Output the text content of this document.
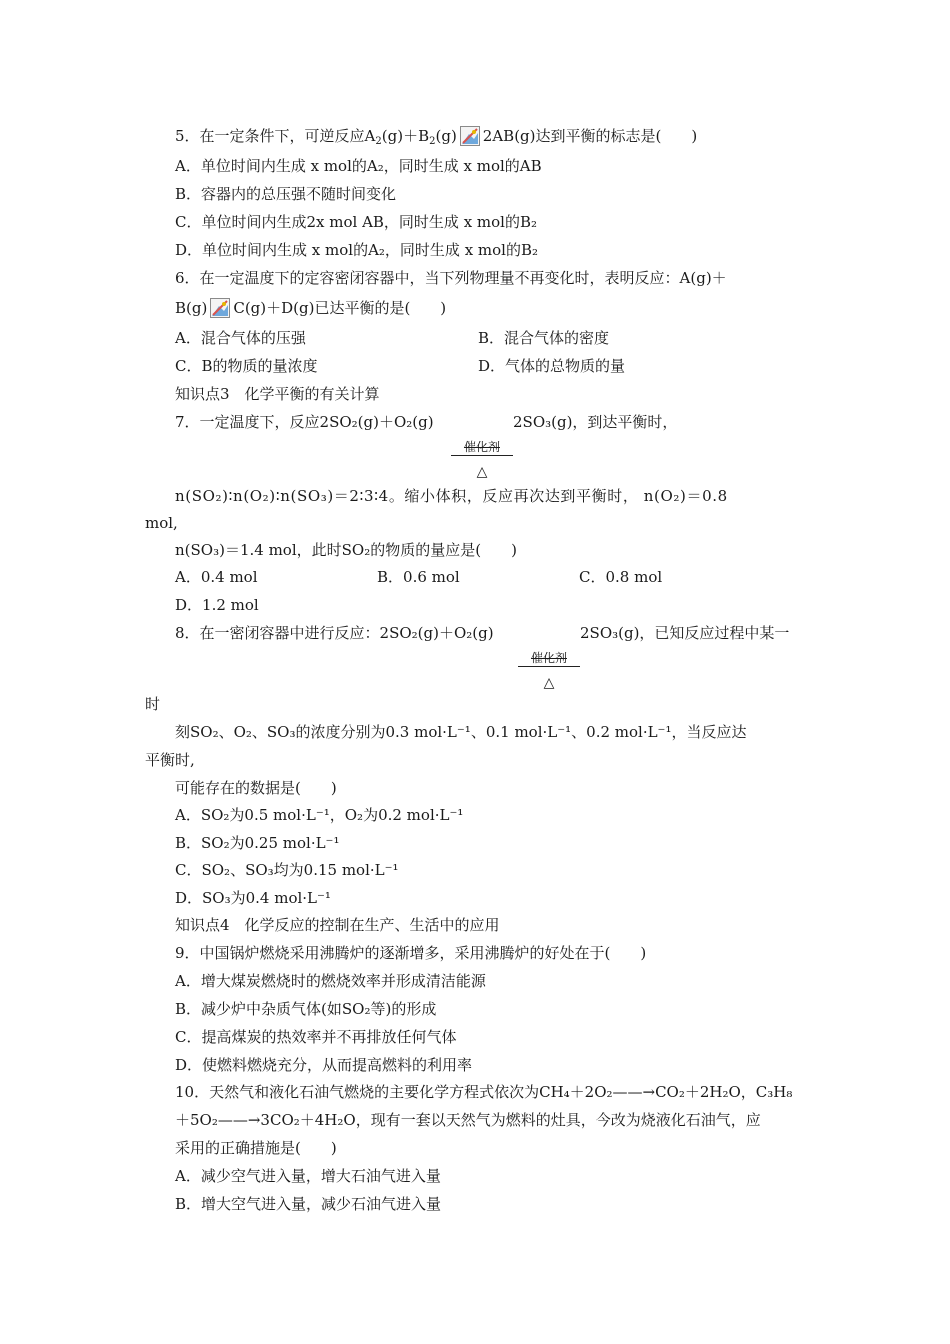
5．在一定条件下，可逆反应$A_2(g)+B_2(g)$ 2AB(g)达到平衡的标志是(　　)
A．单位时间内生成 x mol的A₂，同时生成 x mol的AB
B．容器内的总压强不随时间变化
C．单位时间内生成2x mol AB，同时生成 x mol的B₂
D．单位时间内生成 x mol的A₂，同时生成 x mol的B₂
6．在一定温度下的定容密闭容器中，当下列物理量不再变化时，表明反应：A(g)＋
B(g) C(g)＋D(g)已达平衡的是(　　)
A．混合气体的压强	B．混合气体的密度
C．B的物质的量浓度	D．气体的总物质的量
知识点3　化学平衡的有关计算
7．一定温度下，反应2SO₂(g)＋O₂(g)	2SO₃(g)，到达平衡时，
催化剂
△
n(SO₂)∶n(O₂)∶n(SO₃)＝2∶3∶4。缩小体积，反应再次达到平衡时， n(O₂)＝0.8
mol,
n(SO₃)＝1.4 mol，此时SO₂的物质的量应是(　　)
A．0.4 mol	B．0.6 mol	C．0.8 mol
D．1.2 mol
8．在一密闭容器中进行反应：2SO₂(g)＋O₂(g)	2SO₃(g)，已知反应过程中某一
催化剂
△
时
刻SO₂、O₂、SO₃的浓度分别为0.3 mol·L⁻¹、0.1 mol·L⁻¹、0.2 mol·L⁻¹，当反应达
平衡时,
可能存在的数据是(　　)
A．SO₂为0.5 mol·L⁻¹，O₂为0.2 mol·L⁻¹
B．SO₂为0.25 mol·L⁻¹
C．SO₂、SO₃均为0.15 mol·L⁻¹
D．SO₃为0.4 mol·L⁻¹
知识点4　化学反应的控制在生产、生活中的应用
9．中国锅炉燃烧采用沸腾炉的逐渐增多，采用沸腾炉的好处在于(　　)
A．增大煤炭燃烧时的燃烧效率并形成清洁能源
B．减少炉中杂质气体(如SO₂等)的形成
C．提高煤炭的热效率并不再排放任何气体
D．使燃料燃烧充分，从而提高燃料的利用率
10．天然气和液化石油气燃烧的主要化学方程式依次为CH₄＋2O₂——→CO₂＋2H₂O，C₃H₈
＋5O₂——→3CO₂＋4H₂O，现有一套以天然气为燃料的灶具，今改为烧液化石油气，应
采用的正确措施是(　　)
A．减少空气进入量，增大石油气进入量
B．增大空气进入量，减少石油气进入量
